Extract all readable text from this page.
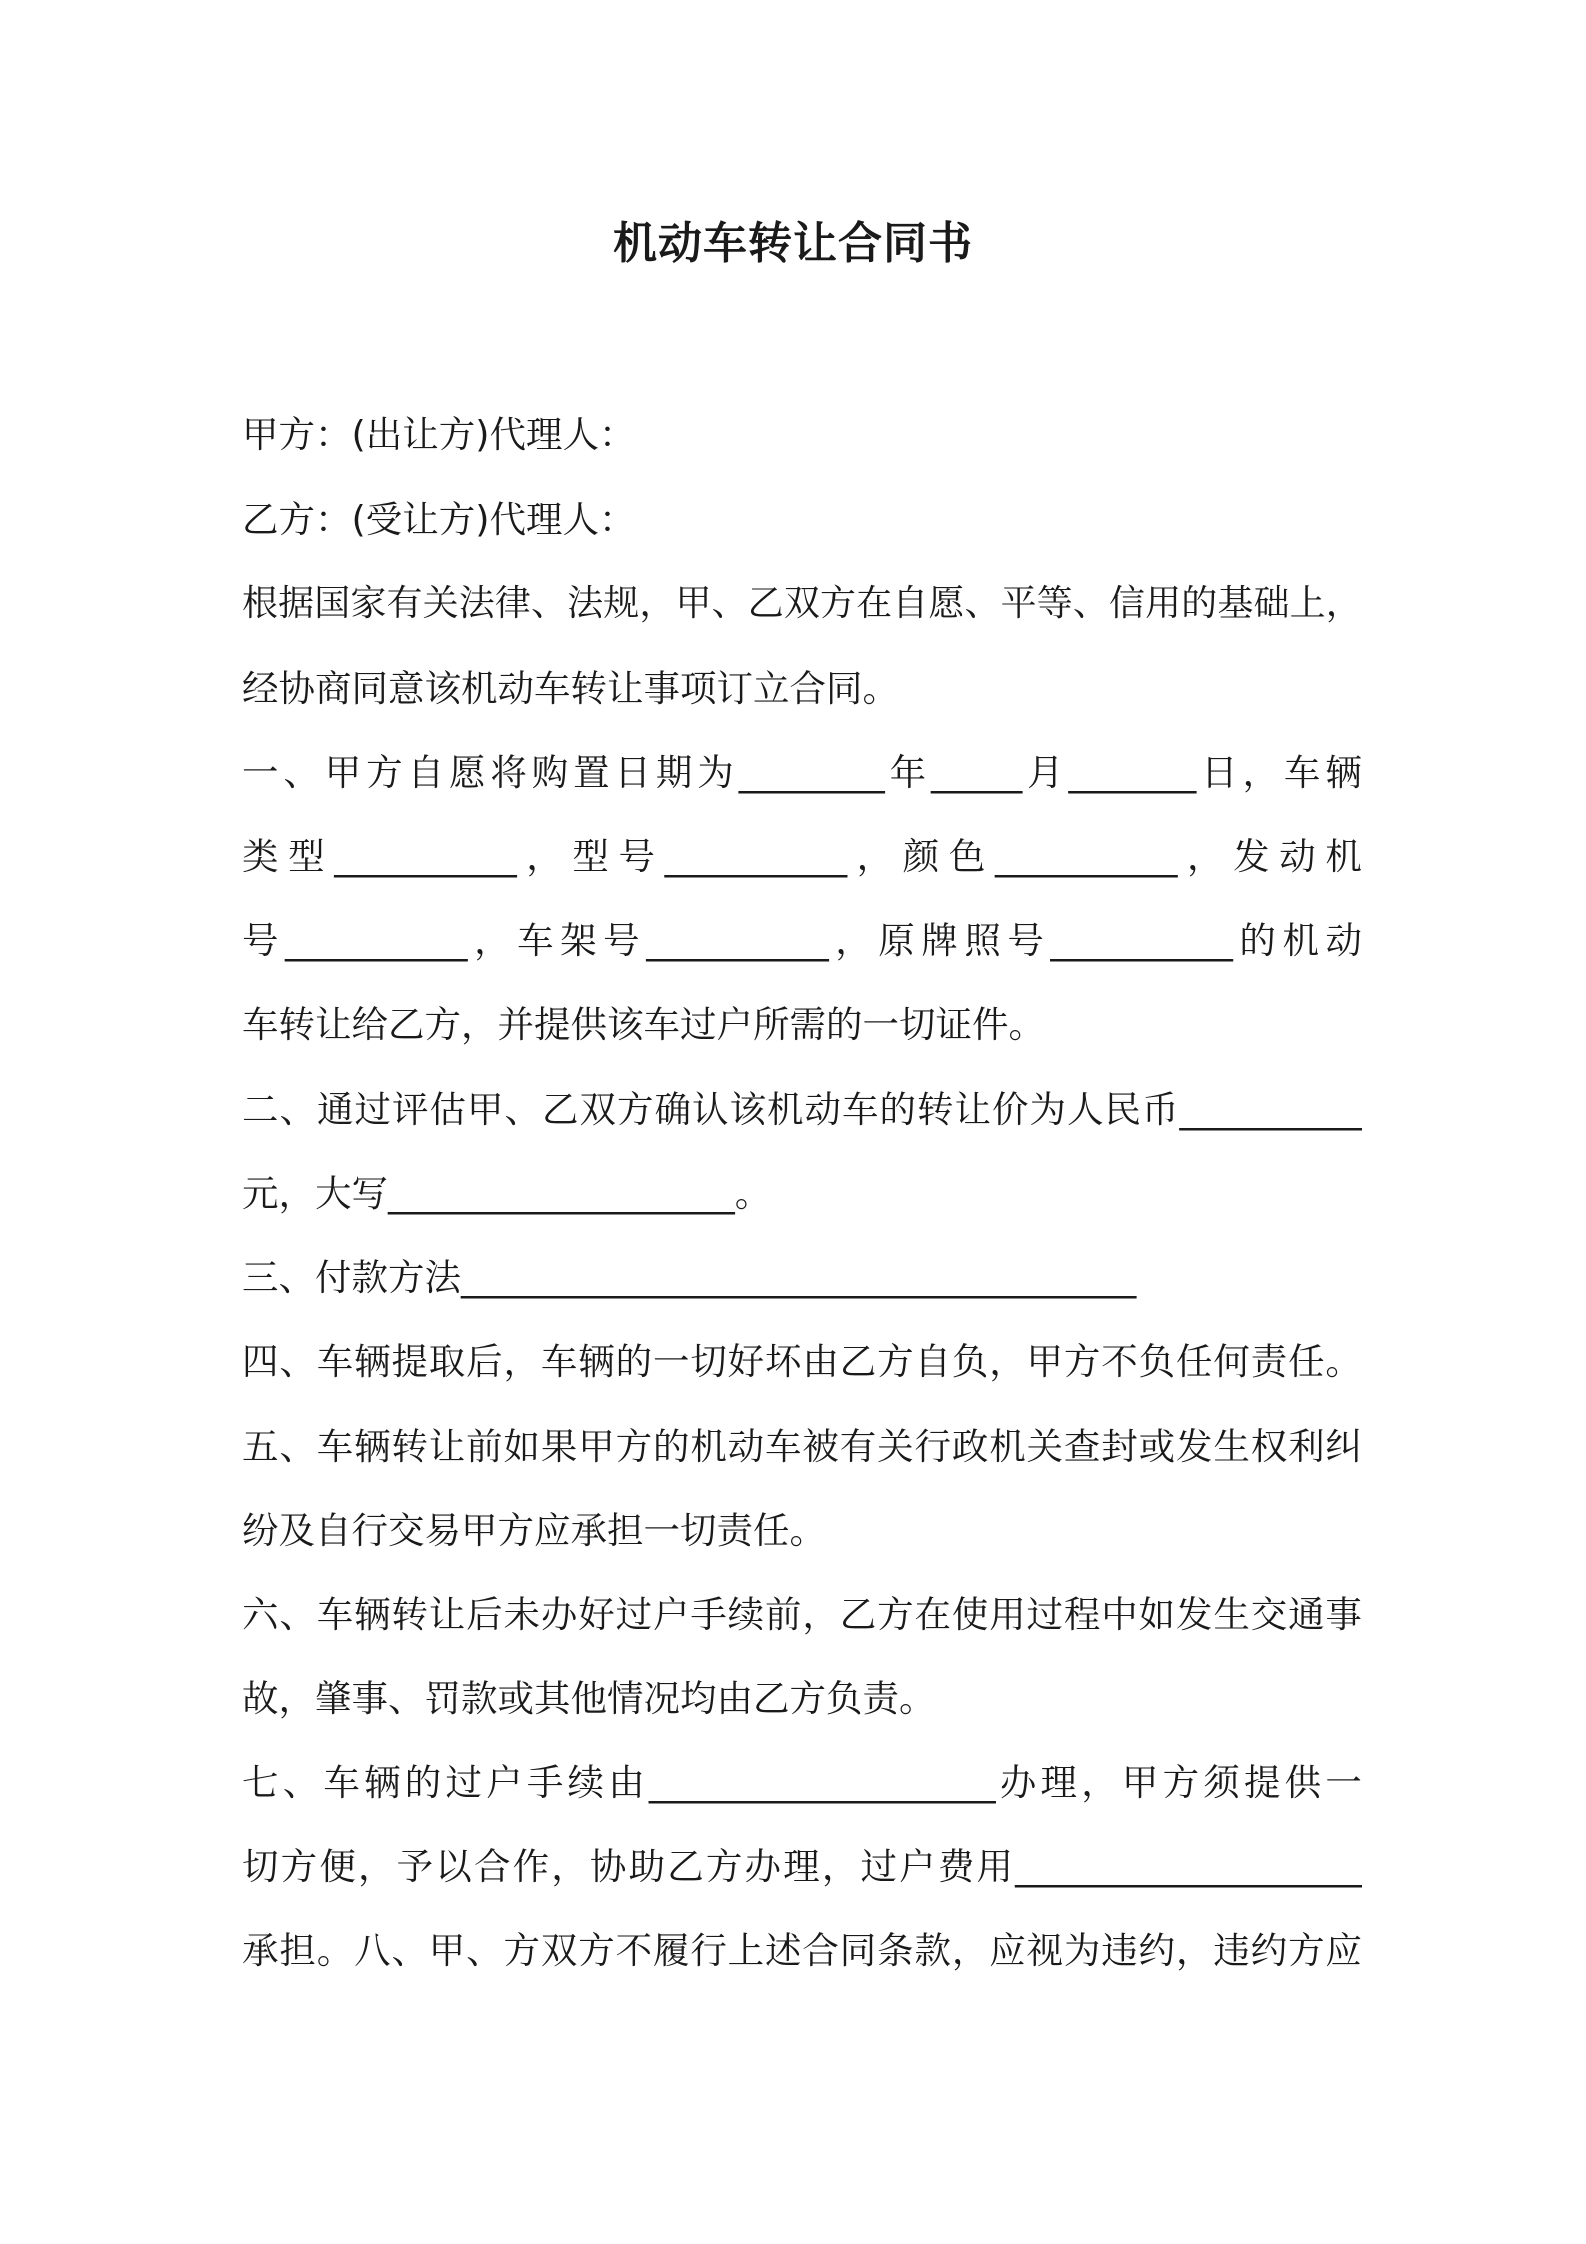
机动车转让合同书

甲方：(出让方)代理人：

乙方：(受让方)代理人：

根 据 国 家 有 关 法 律 、 法 规 ， 甲 、 乙 双 方 在 自 愿 、 平 等 、 信 用 的 基 础 上 ，

经协商同意该机动车转让事项订立合同。

一 、 甲 方 自 愿 将 购 置 日 期 为 ________ 年 _____ 月 _______ 日 ， 车 辆

类 型 __________ ， 型 号 __________ ， 颜 色 __________ ， 发 动 机

号 __________ ， 车 架 号 __________ ， 原 牌 照 号 __________ 的 机 动

车转让给乙方，并提供该车过户所需的一切证件。

二 、 通 过 评 估 甲 、 乙 双 方 确 认 该 机 动 车 的 转 让 价 为 人 民 币 __________

元，大写___________________。

三、付款方法_____________________________________

四 、 车 辆 提 取 后 ， 车 辆 的 一 切 好 坏 由 乙 方 自 负 ， 甲 方 不 负 任 何 责 任 。

五 、 车 辆 转 让 前 如 果 甲 方 的 机 动 车 被 有 关 行 政 机 关 查 封 或 发 生 权 利 纠

纷及自行交易甲方应承担一切责任。

六 、 车 辆 转 让 后 未 办 好 过 户 手 续 前 ， 乙 方 在 使 用 过 程 中 如 发 生 交 通 事

故，肇事、罚款或其他情况均由乙方负责。

七 、 车 辆 的 过 户 手 续 由 ___________________ 办 理 ， 甲 方 须 提 供 一

切 方 便 ， 予 以 合 作 ， 协 助 乙 方 办 理 ， 过 户 费 用 ___________________

承 担 。 八 、 甲 、 方 双 方 不 履 行 上 述 合 同 条 款 ， 应 视 为 违 约 ， 违 约 方 应
